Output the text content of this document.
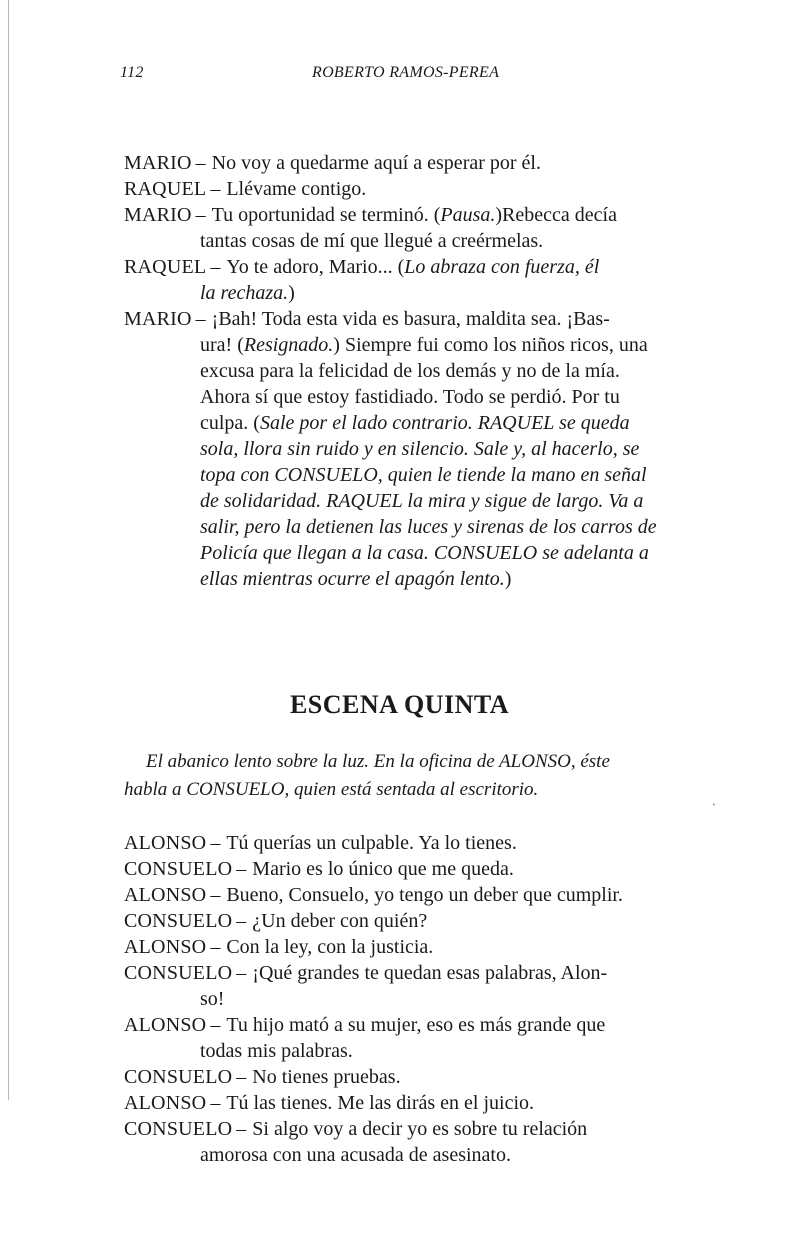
112	ROBERTO RAMOS-PEREA
MARIO – No voy a quedarme aquí a esperar por él.
RAQUEL – Llévame contigo.
MARIO – Tu oportunidad se terminó. (Pausa.)Rebecca decía
tantas cosas de mí que llegué a creérmelas.
RAQUEL – Yo te adoro, Mario... (Lo abraza con fuerza, él
la rechaza.)
MARIO – ¡Bah! Toda esta vida es basura, maldita sea. ¡Bas-
ura! (Resignado.) Siempre fui como los niños ricos, una
excusa para la felicidad de los demás y no de la mía.
Ahora sí que estoy fastidiado. Todo se perdió. Por tu
culpa. (Sale por el lado contrario. RAQUEL se queda
sola, llora sin ruido y en silencio. Sale y, al hacerlo, se
topa con CONSUELO, quien le tiende la mano en señal
de solidaridad. RAQUEL la mira y sigue de largo. Va a
salir, pero la detienen las luces y sirenas de los carros de
Policía que llegan a la casa. CONSUELO se adelanta a
ellas mientras ocurre el apagón lento.)
ESCENA QUINTA
El abanico lento sobre la luz. En la oficina de ALONSO, éste
habla a CONSUELO, quien está sentada al escritorio.	ˏ
ALONSO – Tú querías un culpable. Ya lo tienes.
CONSUELO – Mario es lo único que me queda.
ALONSO – Bueno, Consuelo, yo tengo un deber que cumplir.
CONSUELO – ¿Un deber con quién?
ALONSO – Con la ley, con la justicia.
CONSUELO – ¡Qué grandes te quedan esas palabras, Alon-
so!
ALONSO – Tu hijo mató a su mujer, eso es más grande que
todas mis palabras.
CONSUELO – No tienes pruebas.
ALONSO – Tú las tienes. Me las dirás en el juicio.
CONSUELO – Si algo voy a decir yo es sobre tu relación
amorosa con una acusada de asesinato.
